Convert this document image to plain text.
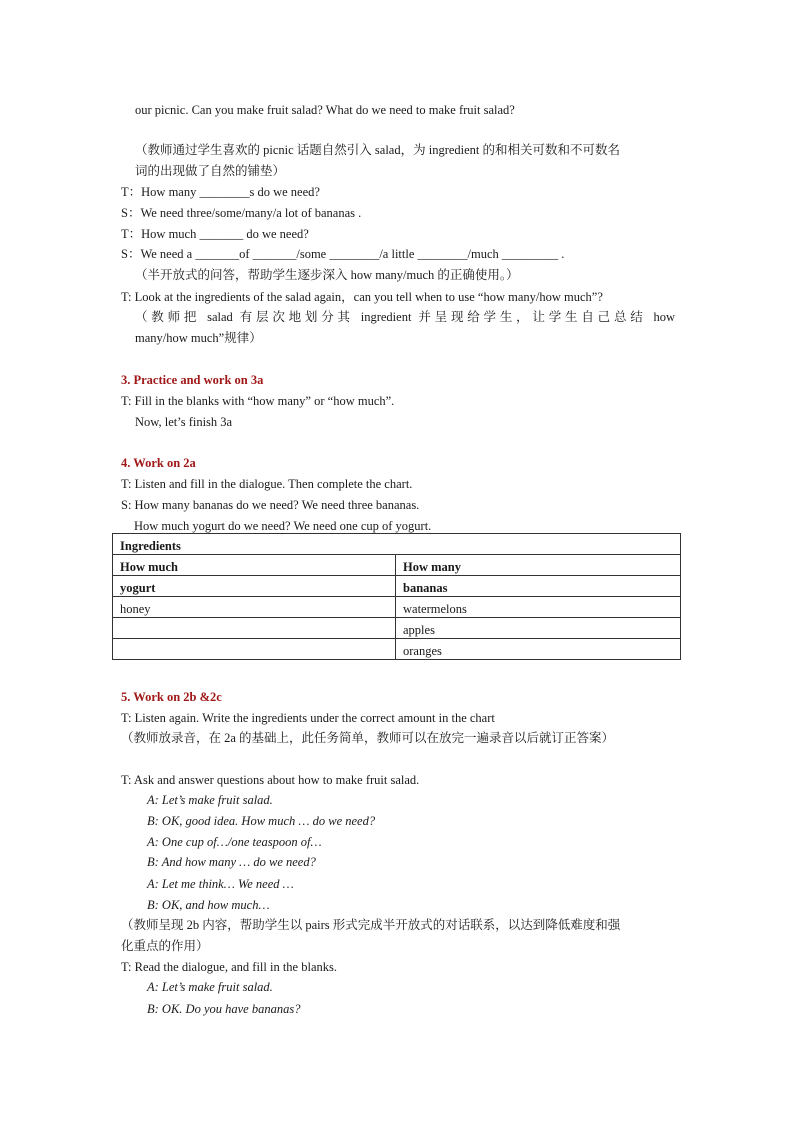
our picnic. Can you make fruit salad? What do we need to make fruit salad?
（教师通过学生喜欢的 picnic 话题自然引入 salad，为 ingredient 的和相关可数和不可数名
词的出现做了自然的铺垫）
T：How many ________s do we need?
S：We need three/some/many/a lot of bananas .
T：How much _______ do we need?
S：We need a _______of _______/some ________/a little ________/much _________ .
（半开放式的问答，帮助学生逐步深入 how many/much 的正确使用。）
T: Look at the ingredients of the salad again，can you tell when to use “how many/how much”?
（教师把 salad 有层次地划分其 ingredient 并呈现给学生，让学生自己总结 how
many/how much”规律）
3. Practice and work on 3a
T: Fill in the blanks with “how many” or “how much”.
Now, let’s finish 3a
4. Work on 2a
T: Listen and fill in the dialogue. Then complete the chart.
S: How many bananas do we need? We need three bananas.
How much yogurt do we need? We need one cup of yogurt.
Ingredients	
How much	How many
yogurt	bananas
honey	watermelons
	apples
	oranges
5. Work on 2b &2c
T: Listen again. Write the ingredients under the correct amount in the chart
（教师放录音，在 2a 的基础上，此任务简单，教师可以在放完一遍录音以后就订正答案）
T: Ask and answer questions about how to make fruit salad.
A: Let’s make fruit salad.
B: OK, good idea. How much … do we need?
A: One cup of…/one teaspoon of…
B: And how many … do we need?
A: Let me think… We need …
B: OK, and how much…
（教师呈现 2b 内容，帮助学生以 pairs 形式完成半开放式的对话联系，以达到降低难度和强
化重点的作用）
T: Read the dialogue, and fill in the blanks.
A: Let’s make fruit salad.
B: OK. Do you have bananas?
